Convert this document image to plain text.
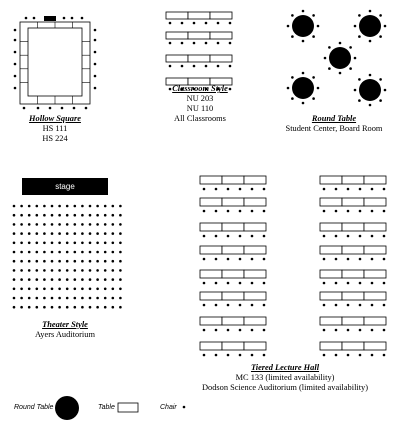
stage
Hollow Square
HS 111
HS 224
Classroom Style
NU 203
NU 110
All Classrooms	Round Table
Student Center, Board Room
Theater Style
Ayers Auditorium
Tiered Lecture Hall
MC 133 (limited availability)
Dodson Science Auditorium (limited availability)
Round Table	Table	Chair
